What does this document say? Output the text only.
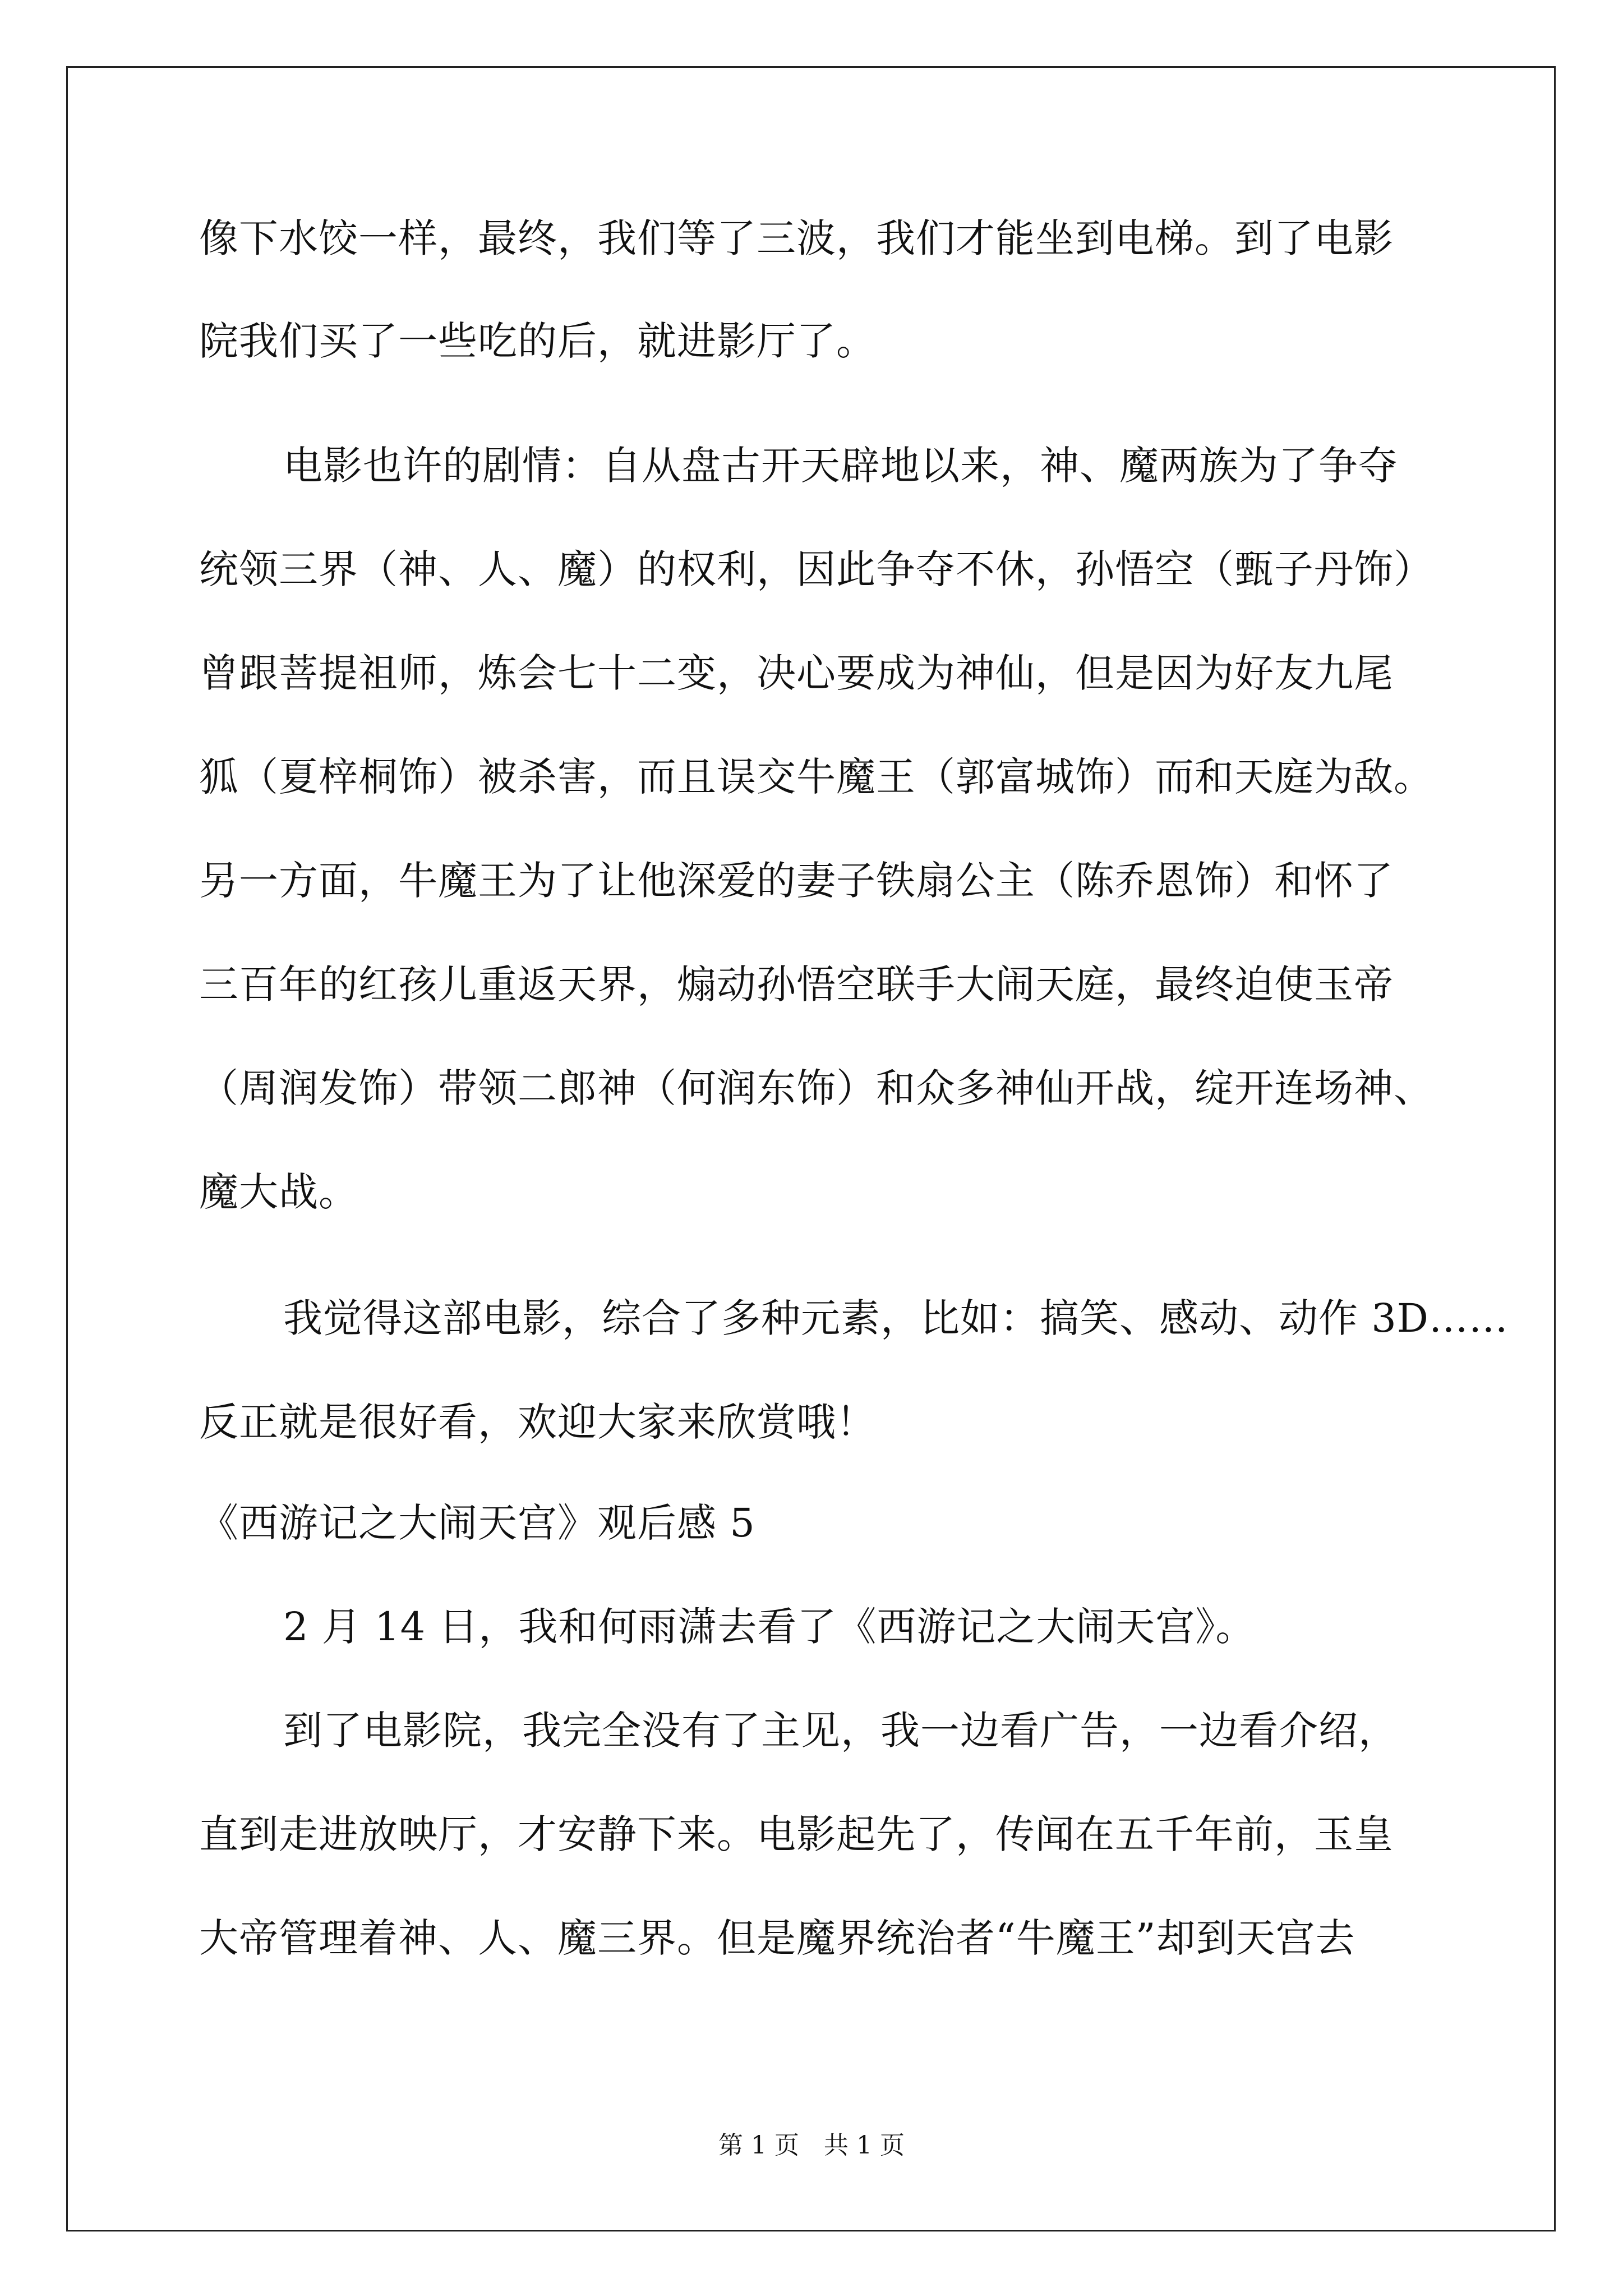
像下水饺一样，最终，我们等了三波，我们才能坐到电梯。到了电影
院我们买了一些吃的后，就进影厅了。
电影也许的剧情：自从盘古开天辟地以来，神、魔两族为了争夺
统领三界（神、人、魔）的权利，因此争夺不休，孙悟空（甄子丹饰）
曾跟菩提祖师，炼会七十二变，决心要成为神仙，但是因为好友九尾
狐（夏梓桐饰）被杀害，而且误交牛魔王（郭富城饰）而和天庭为敌。
另一方面，牛魔王为了让他深爱的妻子铁扇公主（陈乔恩饰）和怀了
三百年的红孩儿重返天界，煽动孙悟空联手大闹天庭，最终迫使玉帝
（周润发饰）带领二郎神（何润东饰）和众多神仙开战，绽开连场神、
魔大战。
我觉得这部电影，综合了多种元素，比如：搞笑、感动、动作 3D……
反正就是很好看，欢迎大家来欣赏哦！
《西游记之大闹天宫》观后感 5
2 月 14 日，我和何雨潇去看了《西游记之大闹天宫》。
到了电影院，我完全没有了主见，我一边看广告，一边看介绍，
直到走进放映厅，才安静下来。电影起先了，传闻在五千年前，玉皇
大帝管理着神、人、魔三界。但是魔界统治者“牛魔王”却到天宫去
第 1 页　共 1 页
